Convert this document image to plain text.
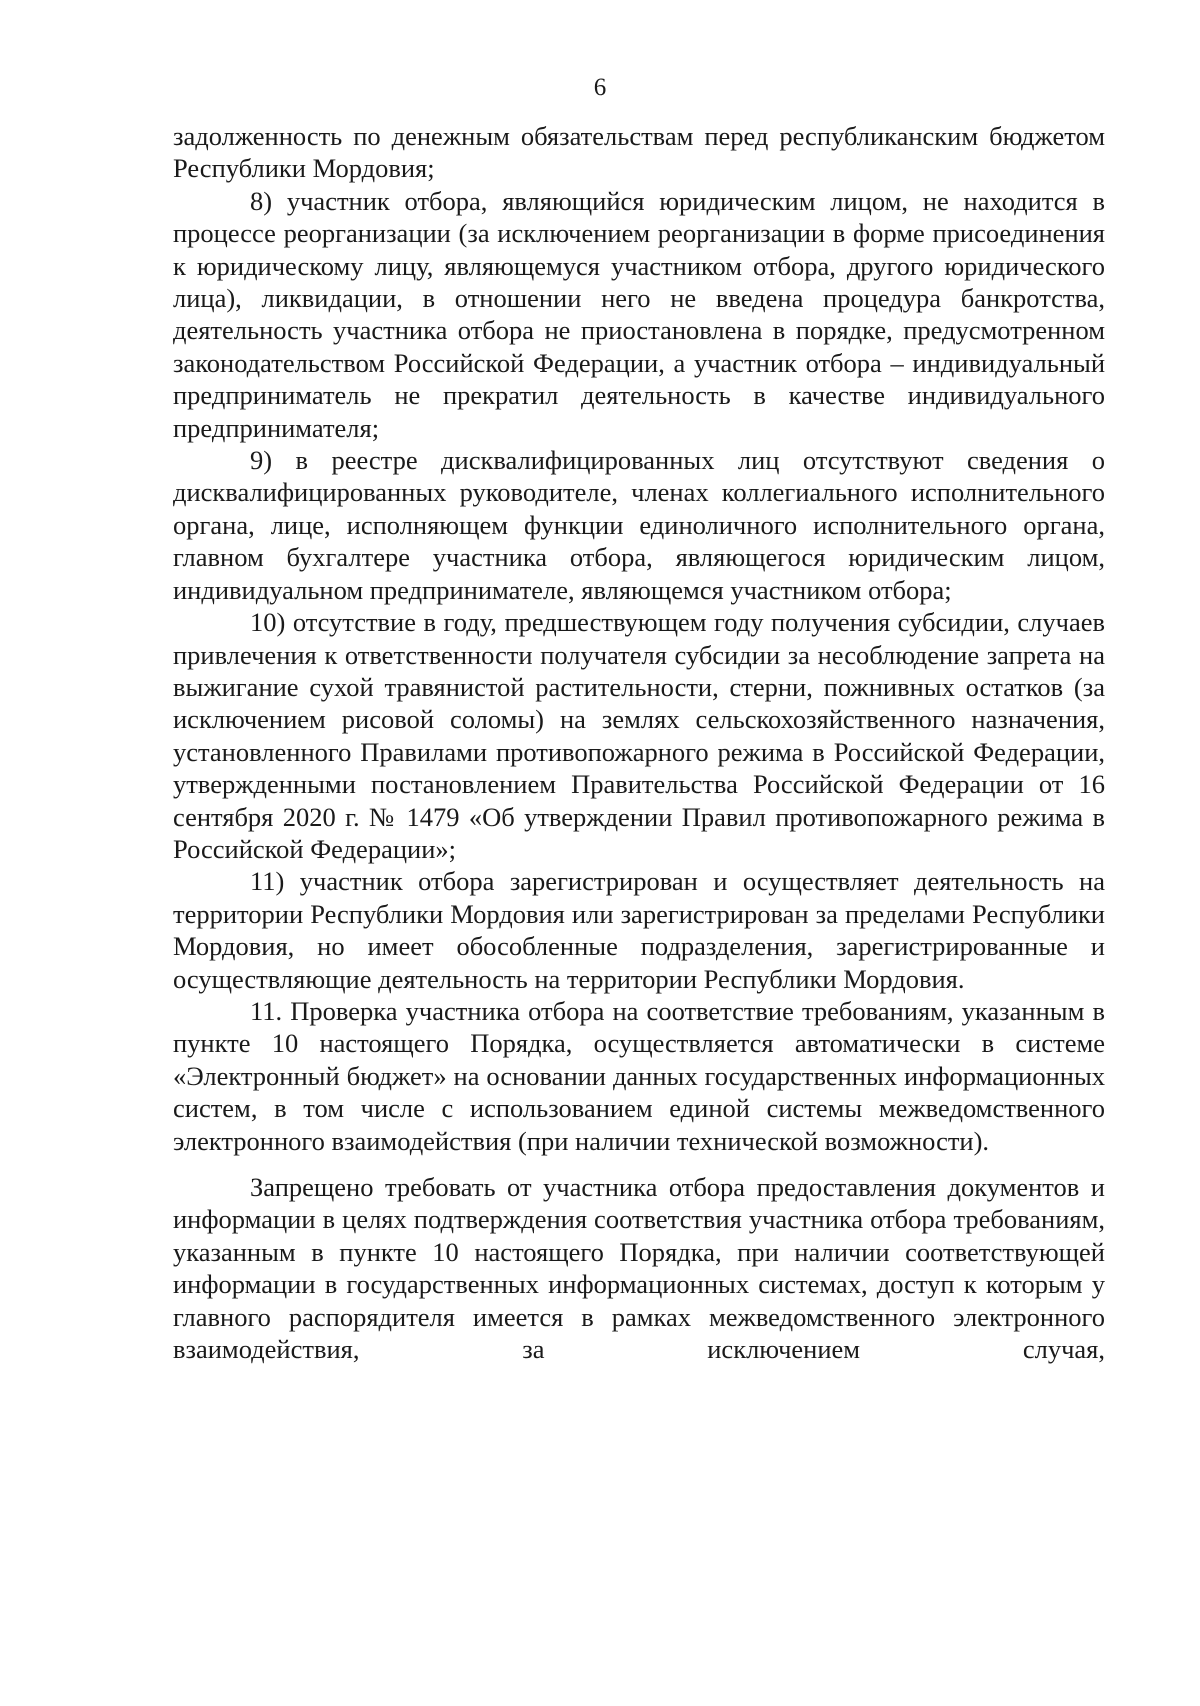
6

задолженность по денежным обязательствам перед республиканским бюджетом Республики Мордовия;

8) участник отбора, являющийся юридическим лицом, не находится в процессе реорганизации (за исключением реорганизации в форме присоединения к юридическому лицу, являющемуся участником отбора, другого юридического лица), ликвидации, в отношении него не введена процедура банкротства, деятельность участника отбора не приостановлена в порядке, предусмотренном законодательством Российской Федерации, а участник отбора – индивидуальный предприниматель не прекратил деятельность в качестве индивидуального предпринимателя;

9) в реестре дисквалифицированных лиц отсутствуют сведения о дисквалифицированных руководителе, членах коллегиального исполнительного органа, лице, исполняющем функции единоличного исполнительного органа, главном бухгалтере участника отбора, являющегося юридическим лицом, индивидуальном предпринимателе, являющемся участником отбора;

10) отсутствие в году, предшествующем году получения субсидии, случаев привлечения к ответственности получателя субсидии за несоблюдение запрета на выжигание сухой травянистой растительности, стерни, пожнивных остатков (за исключением рисовой соломы) на землях сельскохозяйственного назначения, установленного Правилами противопожарного режима в Российской Федерации, утвержденными постановлением Правительства Российской Федерации от 16 сентября 2020 г. № 1479 «Об утверждении Правил противопожарного режима в Российской Федерации»;

11) участник отбора зарегистрирован и осуществляет деятельность на территории Республики Мордовия или зарегистрирован за пределами Республики Мордовия, но имеет обособленные подразделения, зарегистрированные и осуществляющие деятельность на территории Республики Мордовия.

11. Проверка участника отбора на соответствие требованиям, указанным в пункте 10 настоящего Порядка, осуществляется автоматически в системе «Электронный бюджет» на основании данных государственных информационных систем, в том числе с использованием единой системы межведомственного электронного взаимодействия (при наличии технической возможности).

Запрещено требовать от участника отбора предоставления документов и информации в целях подтверждения соответствия участника отбора требованиям, указанным в пункте 10 настоящего Порядка, при наличии соответствующей информации в государственных информационных системах, доступ к которым у главного распорядителя имеется в рамках межведомственного электронного взаимодействия, за исключением случая,
